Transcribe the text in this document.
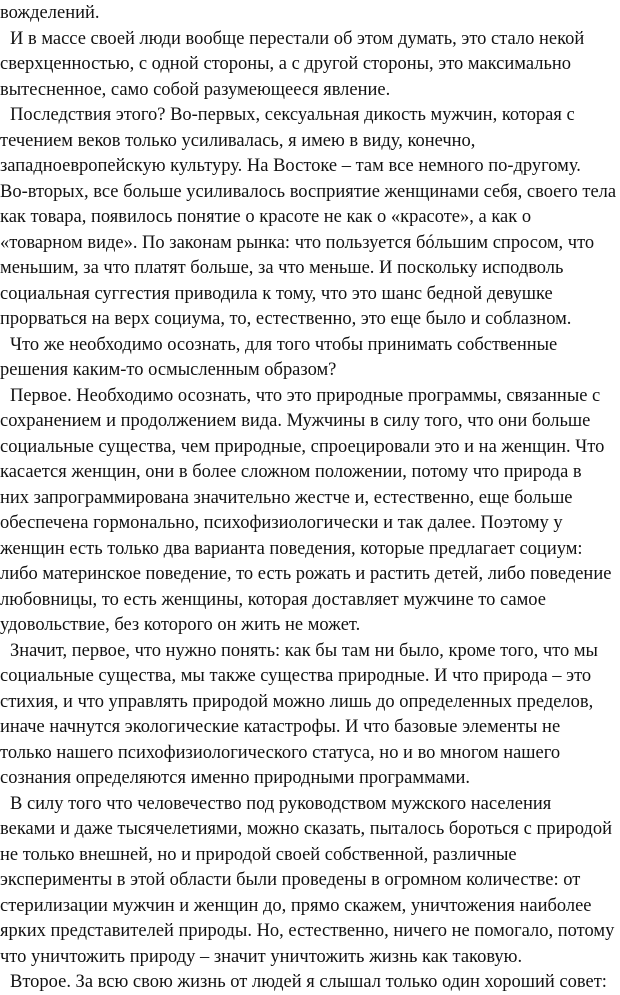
вожделений.
И в массе своей люди вообще перестали об этом думать, это стало некой
сверхценностью, с одной стороны, а с другой стороны, это максимально
вытесненное, само собой разумеющееся явление.
Последствия этого? Во-первых, сексуальная дикость мужчин, которая с
течением веков только усиливалась, я имею в виду, конечно,
западноевропейскую культуру. На Востоке – там все немного по-другому.
Во-вторых, все больше усиливалось восприятие женщинами себя, своего тела
как товара, появилось понятие о красоте не как о «красоте», а как о
«товарном виде». По законам рынка: что пользуется бóльшим спросом, что
меньшим, за что платят больше, за что меньше. И поскольку исподволь
социальная суггестия приводила к тому, что это шанс бедной девушке
прорваться на верх социума, то, естественно, это еще было и соблазном.
Что же необходимо осознать, для того чтобы принимать собственные
решения каким-то осмысленным образом?
Первое. Необходимо осознать, что это природные программы, связанные с
сохранением и продолжением вида. Мужчины в силу того, что они больше
социальные существа, чем природные, спроецировали это и на женщин. Что
касается женщин, они в более сложном положении, потому что природа в
них запрограммирована значительно жестче и, естественно, еще больше
обеспечена гормонально, психофизиологически и так далее. Поэтому у
женщин есть только два варианта поведения, которые предлагает социум:
либо материнское поведение, то есть рожать и растить детей, либо поведение
любовницы, то есть женщины, которая доставляет мужчине то самое
удовольствие, без которого он жить не может.
Значит, первое, что нужно понять: как бы там ни было, кроме того, что мы
социальные существа, мы также существа природные. И что природа – это
стихия, и что управлять природой можно лишь до определенных пределов,
иначе начнутся экологические катастрофы. И что базовые элементы не
только нашего психофизиологического статуса, но и во многом нашего
сознания определяются именно природными программами.
В силу того что человечество под руководством мужского населения
веками и даже тысячелетиями, можно сказать, пыталось бороться с природой
не только внешней, но и природой своей собственной, различные
эксперименты в этой области были проведены в огромном количестве: от
стерилизации мужчин и женщин до, прямо скажем, уничтожения наиболее
ярких представителей природы. Но, естественно, ничего не помогало, потому
что уничтожить природу – значит уничтожить жизнь как таковую.
Второе. За всю свою жизнь от людей я слышал только один хороший совет:
